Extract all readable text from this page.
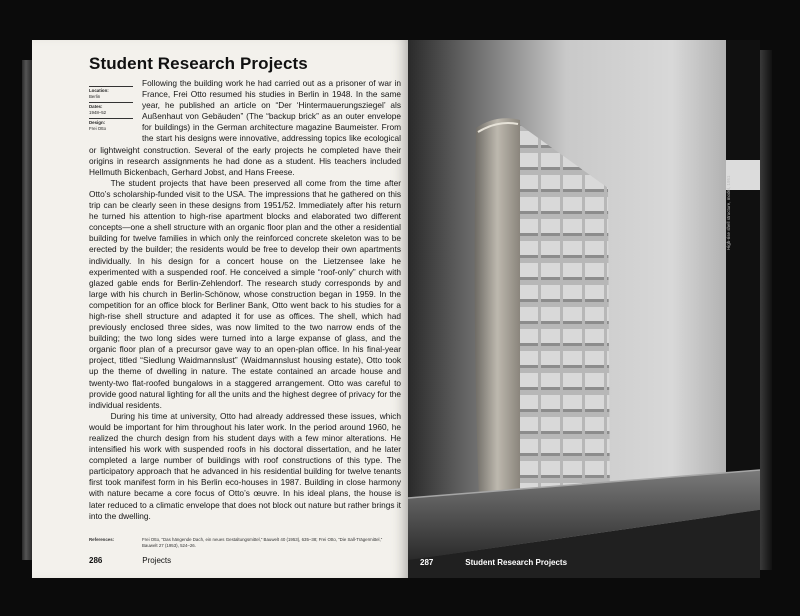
Student Research Projects
Location:
Berlin
Dates:
1948–52
Design:
Frei Otto

Following the building work he had carried out as a prisoner of war in France, Frei Otto resumed his studies in Berlin in 1948. In the same year, he published an article on “Der ‘Hintermauerungsziegel’ als Außenhaut von Gebäuden” (The “backup brick” as an outer envelope for buildings) in the German architecture magazine Baumeister. From the start his designs were innovative, addressing topics like ecological or lightweight construction. Several of the early projects he completed have their origins in research assignments he had done as a student. His teachers included Hellmuth Bickenbach, Gerhard Jobst, and Hans Freese.

The student projects that have been preserved all come from the time after Otto’s scholarship-funded visit to the USA. The impressions that he gathered on this trip can be clearly seen in these designs from 1951/52. Immediately after his return he turned his attention to high-rise apartment blocks and elaborated two different concepts—one a shell structure with an organic floor plan and the other a residential building for twelve families in which only the reinforced concrete skeleton was to be erected by the builder; the residents would be free to develop their own apartments individually. In his design for a concert house on the Lietzensee lake he experimented with a suspended roof. He conceived a simple “roof-only” church with glazed gable ends for Berlin-Zehlendorf. The research study corresponds by and large with his church in Berlin-Schönow, whose construction began in 1959. In the competition for an office block for Berliner Bank, Otto went back to his studies for a high-rise shell structure and adapted it for use as offices. The shell, which had previously enclosed three sides, was now limited to the two narrow ends of the building; the two long sides were turned into a large expanse of glass, and the organic floor plan of a precursor gave way to an open-plan office. In his final-year project, titled “Siedlung Waidmannslust” (Waidmannslust housing estate), Otto took up the theme of dwelling in nature. The estate contained an arcade house and twenty-two flat-roofed bungalows in a staggered arrangement. Otto was careful to provide good natural lighting for all the units and the highest degree of privacy for the individual residents.

During his time at university, Otto had already addressed these issues, which would be important for him throughout his later work. In the period around 1960, he realized the church design from his student days with a few minor alterations. He intensified his work with suspended roofs in his doctoral dissertation, and he later completed a large number of buildings with roof constructions of this type. The participatory approach that he advanced in his residential building for twelve tenants first took manifest form in his Berlin eco-houses in 1987. Building in close harmony with nature became a core focus of Otto’s œuvre. In his ideal plans, the house is later reduced to a climatic envelope that does not block out nature but rather brings it into the dwelling.

References:	Frei Otto, “Das hängende Dach, ein neues Gestaltungsmittel,” Bauwelt 40 (1953), 635–38; Frei Otto, “Die Sall-Trägermittel,” Bauwelt 27 (1953), 524–26.
286	Projects
High-rise shell structure, model, 1951
287	Student Research Projects
